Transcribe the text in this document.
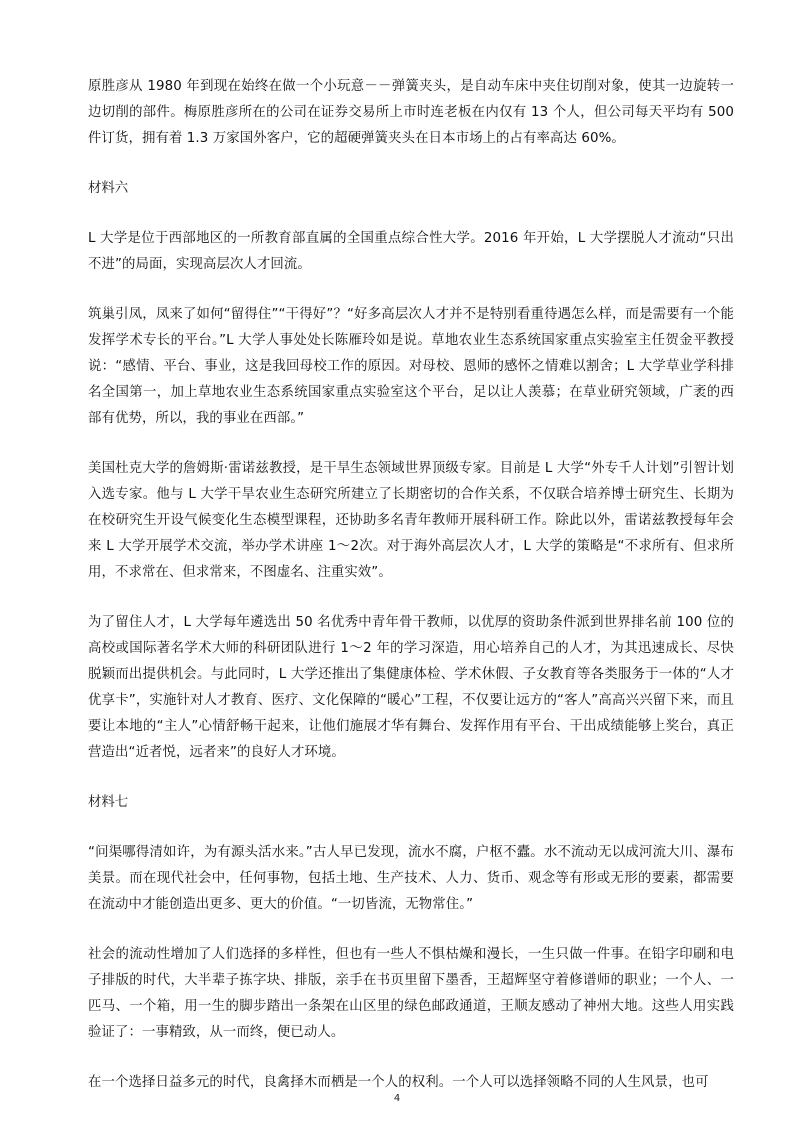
原胜彦从 1980 年到现在始终在做一个小玩意－－弹簧夹头，是自动车床中夹住切削对象，使其一边旋转一边切削的部件。梅原胜彦所在的公司在证券交易所上市时连老板在内仅有 13 个人，但公司每天平均有 500 件订货，拥有着 1.3 万家国外客户，它的超硬弹簧夹头在日本市场上的占有率高达 60%。

材料六

L 大学是位于西部地区的一所教育部直属的全国重点综合性大学。2016 年开始，L 大学摆脱人才流动“只出不进”的局面，实现高层次人才回流。

筑巢引凤，凤来了如何“留得住”“干得好”？“好多高层次人才并不是特别看重待遇怎么样，而是需要有一个能发挥学术专长的平台。”L 大学人事处处长陈雁玲如是说。草地农业生态系统国家重点实验室主任贺金平教授说：“感情、平台、事业，这是我回母校工作的原因。对母校、恩师的感怀之情难以割舍；L 大学草业学科排名全国第一，加上草地农业生态系统国家重点实验室这个平台，足以让人羡慕；在草业研究领域，广袤的西部有优势，所以，我的事业在西部。”

美国杜克大学的詹姆斯·雷诺兹教授，是干旱生态领域世界顶级专家。目前是 L 大学“外专千人计划”引智计划入选专家。他与 L 大学干旱农业生态研究所建立了长期密切的合作关系，不仅联合培养博士研究生、长期为在校研究生开设气候变化生态模型课程，还协助多名青年教师开展科研工作。除此以外，雷诺兹教授每年会来 L 大学开展学术交流，举办学术讲座 1～2次。对于海外高层次人才，L 大学的策略是“不求所有、但求所用，不求常在、但求常来，不图虚名、注重实效”。

为了留住人才，L 大学每年遴选出 50 名优秀中青年骨干教师，以优厚的资助条件派到世界排名前 100 位的高校或国际著名学术大师的科研团队进行 1～2 年的学习深造，用心培养自己的人才，为其迅速成长、尽快脱颖而出提供机会。与此同时，L 大学还推出了集健康体检、学术休假、子女教育等各类服务于一体的“人才优享卡”，实施针对人才教育、医疗、文化保障的“暖心”工程，不仅要让远方的“客人”高高兴兴留下来，而且要让本地的“主人”心情舒畅干起来，让他们施展才华有舞台、发挥作用有平台、干出成绩能够上奖台，真正营造出“近者悦，远者来”的良好人才环境。

材料七

“问渠哪得清如许，为有源头活水来。”古人早已发现，流水不腐，户枢不蠹。水不流动无以成河流大川、瀑布美景。而在现代社会中，任何事物，包括土地、生产技术、人力、货币、观念等有形或无形的要素，都需要在流动中才能创造出更多、更大的价值。“一切皆流，无物常住。”

社会的流动性增加了人们选择的多样性，但也有一些人不惧枯燥和漫长，一生只做一件事。在铅字印刷和电子排版的时代，大半辈子拣字块、排版，亲手在书页里留下墨香，王超辉坚守着修谱师的职业；一个人、一匹马、一个箱，用一生的脚步踏出一条架在山区里的绿色邮政通道，王顺友感动了神州大地。这些人用实践验证了：一事精致，从一而终，便已动人。

在一个选择日益多元的时代，良禽择木而栖是一个人的权利。一个人可以选择领略不同的人生风景，也可

4
